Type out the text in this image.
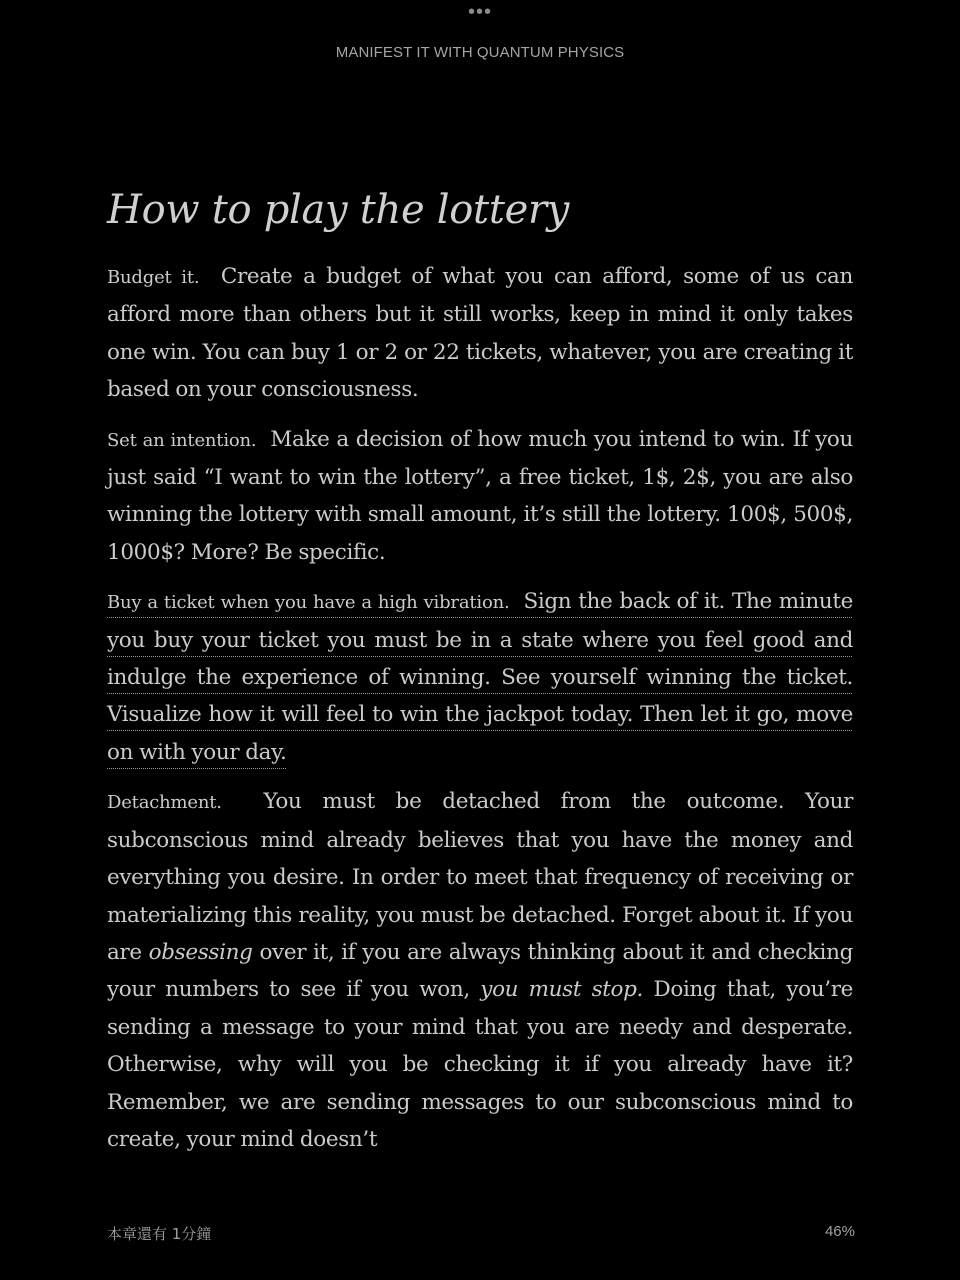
•••
MANIFEST IT WITH QUANTUM PHYSICS
How to play the lottery

Budget it. Create a budget of what you can afford, some of us can afford more than others but it still works, keep in mind it only takes one win. You can buy 1 or 2 or 22 tickets, whatever, you are creating it based on your consciousness.

Set an intention. Make a decision of how much you intend to win. If you just said “I want to win the lottery”, a free ticket, 1$, 2$, you are also winning the lottery with small amount, it’s still the lottery. 100$, 500$, 1000$? More? Be specific.

Buy a ticket when you have a high vibration. Sign the back of it. The minute you buy your ticket you must be in a state where you feel good and indulge the experience of winning. See yourself winning the ticket. Visualize how it will feel to win the jackpot today. Then let it go, move on with your day.

Detachment. You must be detached from the outcome. Your subconscious mind already believes that you have the money and everything you desire. In order to meet that frequency of receiving or materializing this reality, you must be detached. Forget about it. If you are obsessing over it, if you are always thinking about it and checking your numbers to see if you won, you must stop. Doing that, you’re sending a message to your mind that you are needy and desperate. Otherwise, why will you be checking it if you already have it? Remember, we are sending messages to our subconscious mind to create, your mind doesn’t

本章還有 1分鐘	46%
